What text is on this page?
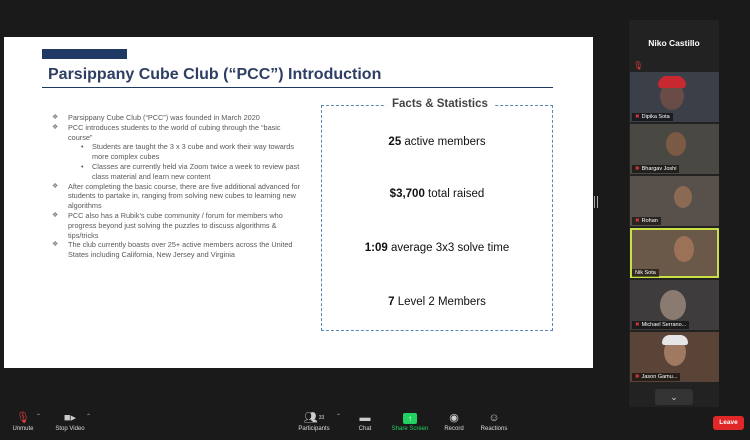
Parsippany Cube Club (“PCC”) Introduction
❖ Parsippany Cube Club (“PCC”) was founded in March 2020
❖ PCC introduces students to the world of cubing through the “basic course”
• Students are taught the 3 x 3 cube and work their way towards more complex cubes
• Classes are currently held via Zoom twice a week to review past class material and learn new content
❖ After completing the basic course, there are five additional advanced for students to partake in, ranging from solving new cubes to learning new algorithms
❖ PCC also has a Rubik’s cube community / forum for members who progress beyond just solving the puzzles to discuss algorithms & tips/tricks
❖ The club currently boasts over 25+ active members across the United States including California, New Jersey and Virginia
Facts & Statistics
25 active members
$3,700 total raised
1:09 average 3x3 solve time
7 Level 2 Members
Niko Castillo
🎙︎
✖ Dipika Sota
✖ Bhargav Joshi
✖ Rohan
Nik Sota
✖ Michael Serrano...
✖ Jason Gamu...
⌄
🎙︎
Unmute
⌃	■▸
Stop Video
⌃	👥︎$^{33}$
Participants
⌃	▬
Chat
↑
Share Screen
◉
Record
☺
Reactions
Leave
